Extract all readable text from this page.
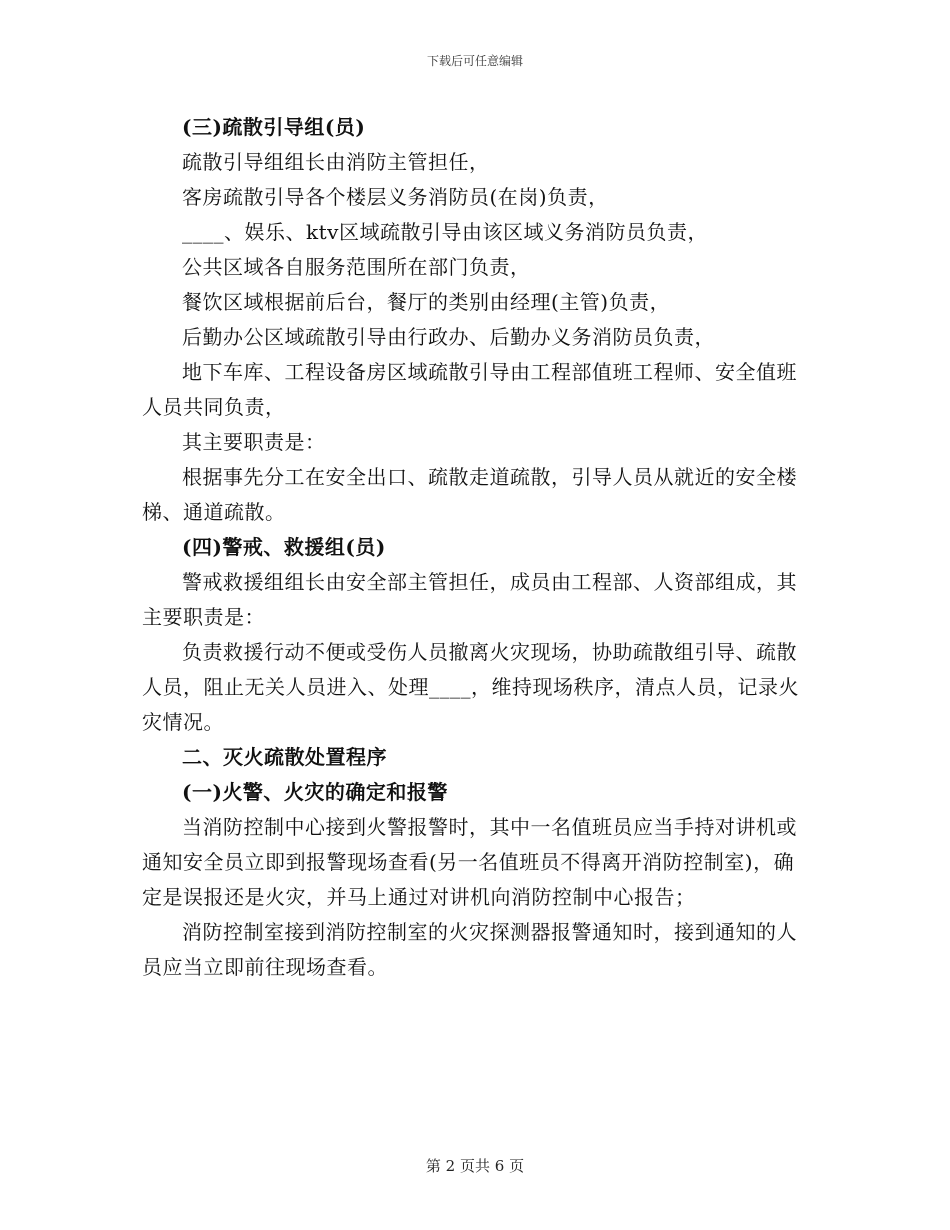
下载后可任意编辑

(三)疏散引导组(员)

疏散引导组组长由消防主管担任，

客房疏散引导各个楼层义务消防员(在岗)负责，

____、娱乐、ktv区域疏散引导由该区域义务消防员负责，

公共区域各自服务范围所在部门负责，

餐饮区域根据前后台，餐厅的类别由经理(主管)负责，

后勤办公区域疏散引导由行政办、后勤办义务消防员负责，

地下车库、工程设备房区域疏散引导由工程部值班工程师、安全值班人员共同负责，

其主要职责是：

根据事先分工在安全出口、疏散走道疏散，引导人员从就近的安全楼梯、通道疏散。

(四)警戒、救援组(员)

警戒救援组组长由安全部主管担任，成员由工程部、人资部组成，其主要职责是：

负责救援行动不便或受伤人员撤离火灾现场，协助疏散组引导、疏散人员，阻止无关人员进入、处理____，维持现场秩序，清点人员，记录火灾情况。

二、灭火疏散处置程序

(一)火警、火灾的确定和报警

当消防控制中心接到火警报警时，其中一名值班员应当手持对讲机或通知安全员立即到报警现场查看(另一名值班员不得离开消防控制室)，确定是误报还是火灾，并马上通过对讲机向消防控制中心报告；

消防控制室接到消防控制室的火灾探测器报警通知时，接到通知的人员应当立即前往现场查看。

第 2 页共 6 页
